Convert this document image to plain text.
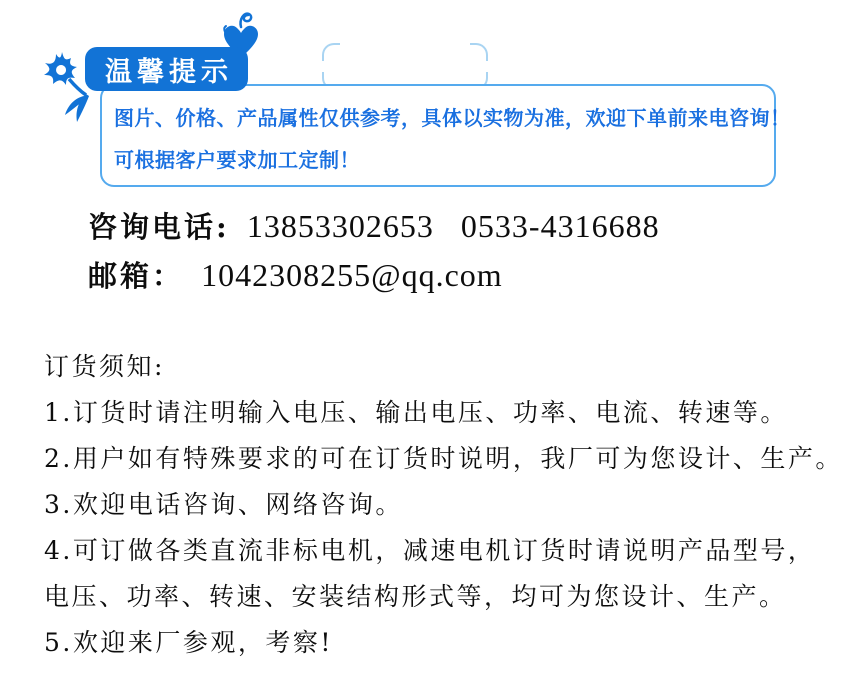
温馨提示

图片、价格、产品属性仅供参考，具体以实物为准，欢迎下单前来电咨询！

可根据客户要求加工定制！

咨询电话: 13853302653 0533-4316688
邮箱： 1042308255@qq.com
订货须知:
1.订货时请注明输入电压、输出电压、功率、电流、转速等。
2.用户如有特殊要求的可在订货时说明，我厂可为您设计、生产。
3.欢迎电话咨询、网络咨询。
4.可订做各类直流非标电机，减速电机订货时请说明产品型号，
电压、功率、转速、安装结构形式等，均可为您设计、生产。
5.欢迎来厂参观，考察!
